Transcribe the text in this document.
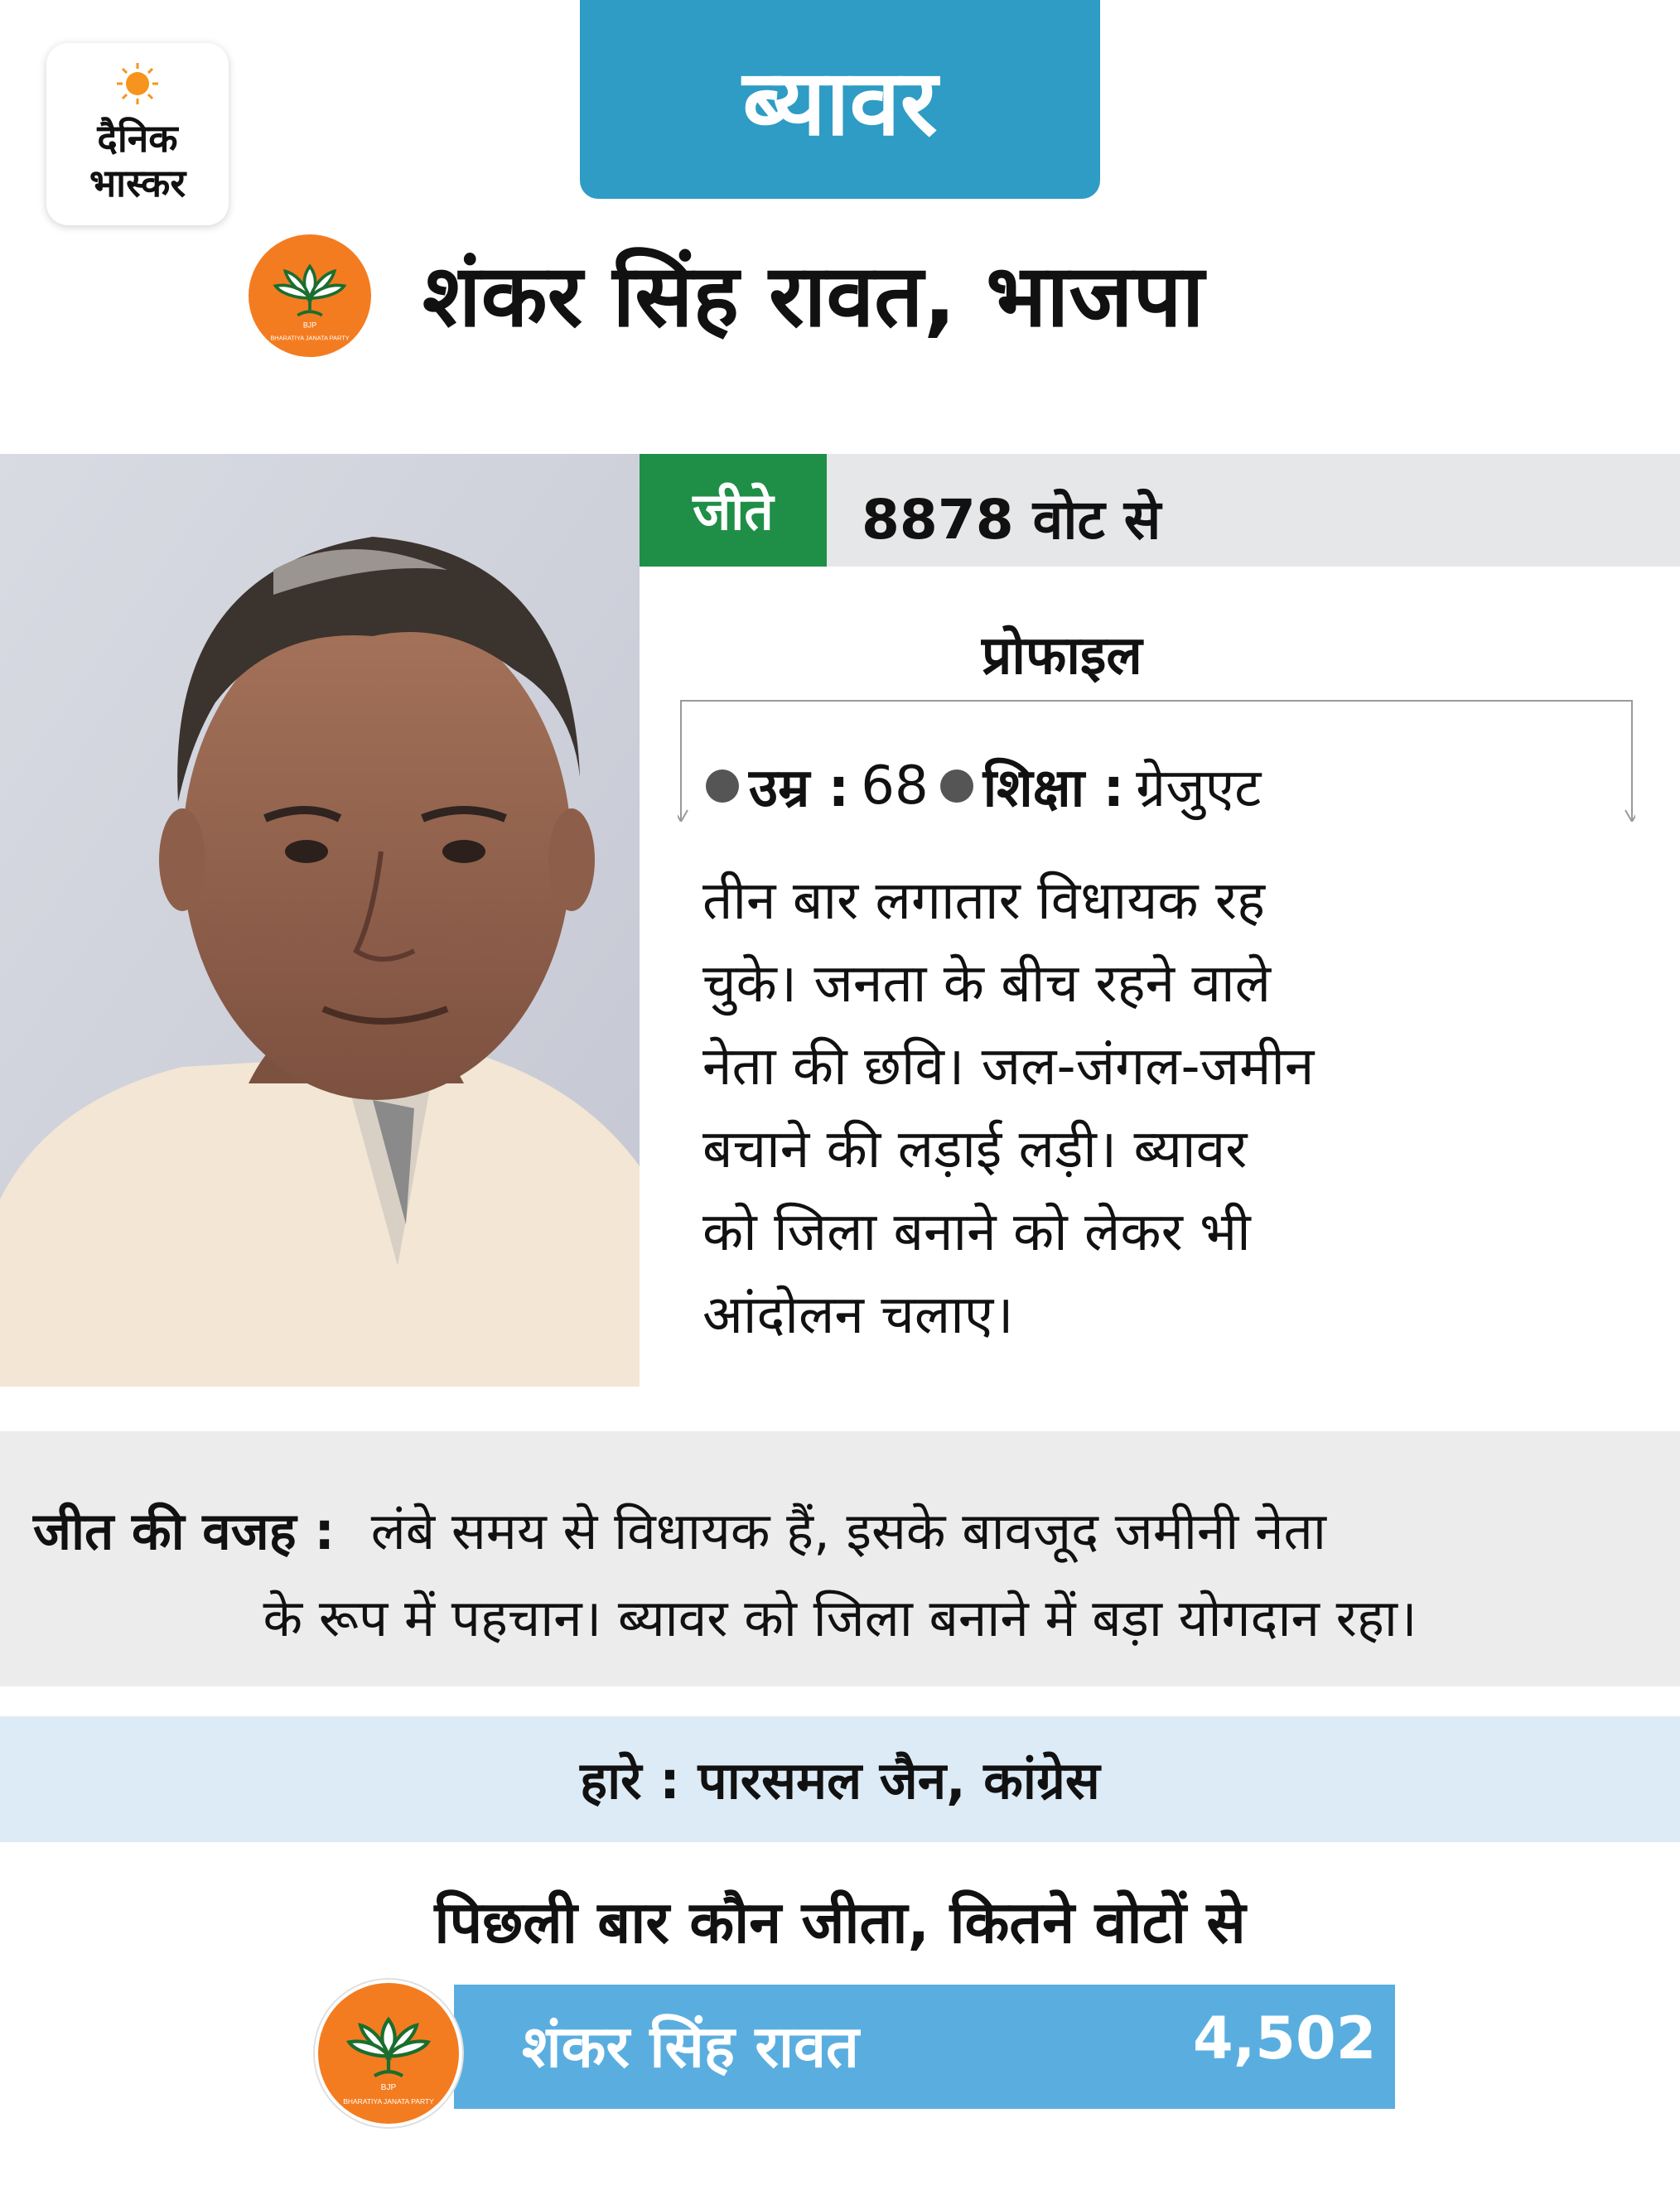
दैनिक
भास्कर
ब्यावर
BJP
BHARATIYA JANATA PARTY शंकर सिंह रावत, भाजपा
जीते 8878 वोट से
प्रोफाइल
उम्र : 68 शिक्षा : ग्रेजुएट
तीन बार लगातार विधायक रह
चुके। जनता के बीच रहने वाले
नेता की छवि। जल-जंगल-जमीन
बचाने की लड़ाई लड़ी। ब्यावर
को जिला बनाने को लेकर भी
आंदोलन चलाए।
जीत की वजह : लंबे समय से विधायक हैं, इसके बावजूद जमीनी नेता
के रूप में पहचान। ब्यावर को जिला बनाने में बड़ा योगदान रहा।
हारे : पारसमल जैन, कांग्रेस
पिछली बार कौन जीता, कितने वोटों से
BJP
BHARATIYA JANATA PARTY
शंकर सिंह रावत	4,502
